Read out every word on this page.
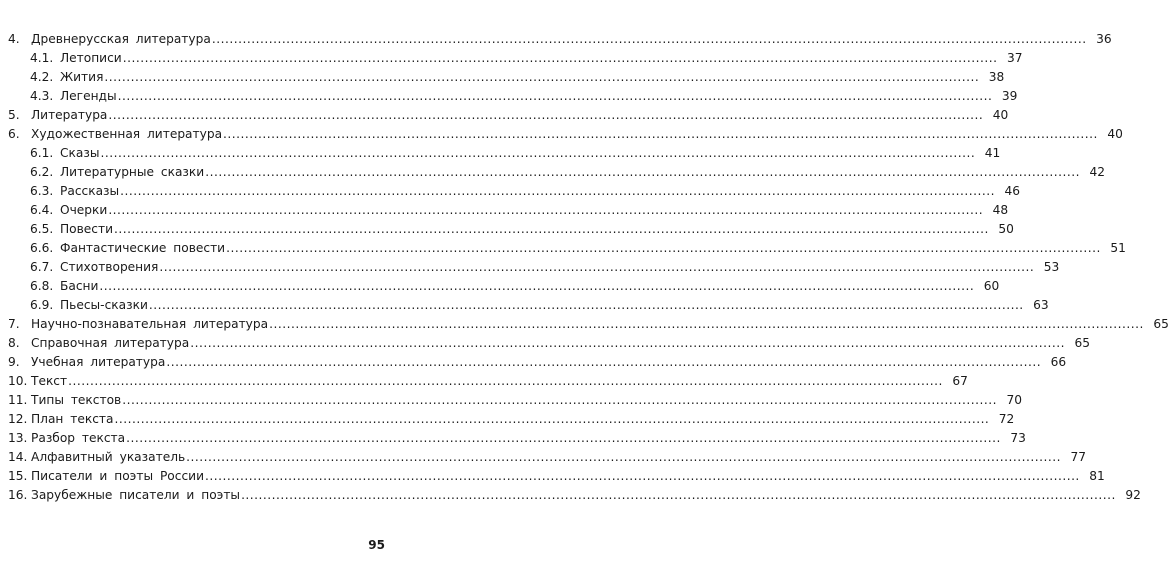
4. Древнерусская литература ........................................................................................................................................................................................................ 36
4.1. Летописи ........................................................................................................................................................................................................ 37
4.2. Жития ........................................................................................................................................................................................................ 38
4.3. Легенды ........................................................................................................................................................................................................ 39
5. Литература ........................................................................................................................................................................................................ 40
6. Художественная литература ........................................................................................................................................................................................................ 40
6.1. Сказы ........................................................................................................................................................................................................ 41
6.2. Литературные сказки ........................................................................................................................................................................................................ 42
6.3. Рассказы ........................................................................................................................................................................................................ 46
6.4. Очерки ........................................................................................................................................................................................................ 48
6.5. Повести ........................................................................................................................................................................................................ 50
6.6. Фантастические повести ........................................................................................................................................................................................................ 51
6.7. Стихотворения ........................................................................................................................................................................................................ 53
6.8. Басни ........................................................................................................................................................................................................ 60
6.9. Пьесы-сказки ........................................................................................................................................................................................................ 63
7. Научно-познавательная литература ........................................................................................................................................................................................................ 65
8. Справочная литература ........................................................................................................................................................................................................ 65
9. Учебная литература ........................................................................................................................................................................................................ 66
10. Текст ........................................................................................................................................................................................................ 67
11. Типы текстов ........................................................................................................................................................................................................ 70
12. План текста ........................................................................................................................................................................................................ 72
13. Разбор текста ........................................................................................................................................................................................................ 73
14. Алфавитный указатель ........................................................................................................................................................................................................ 77
15. Писатели и поэты России ........................................................................................................................................................................................................ 81
16. Зарубежные писатели и поэты ........................................................................................................................................................................................................ 92
95
